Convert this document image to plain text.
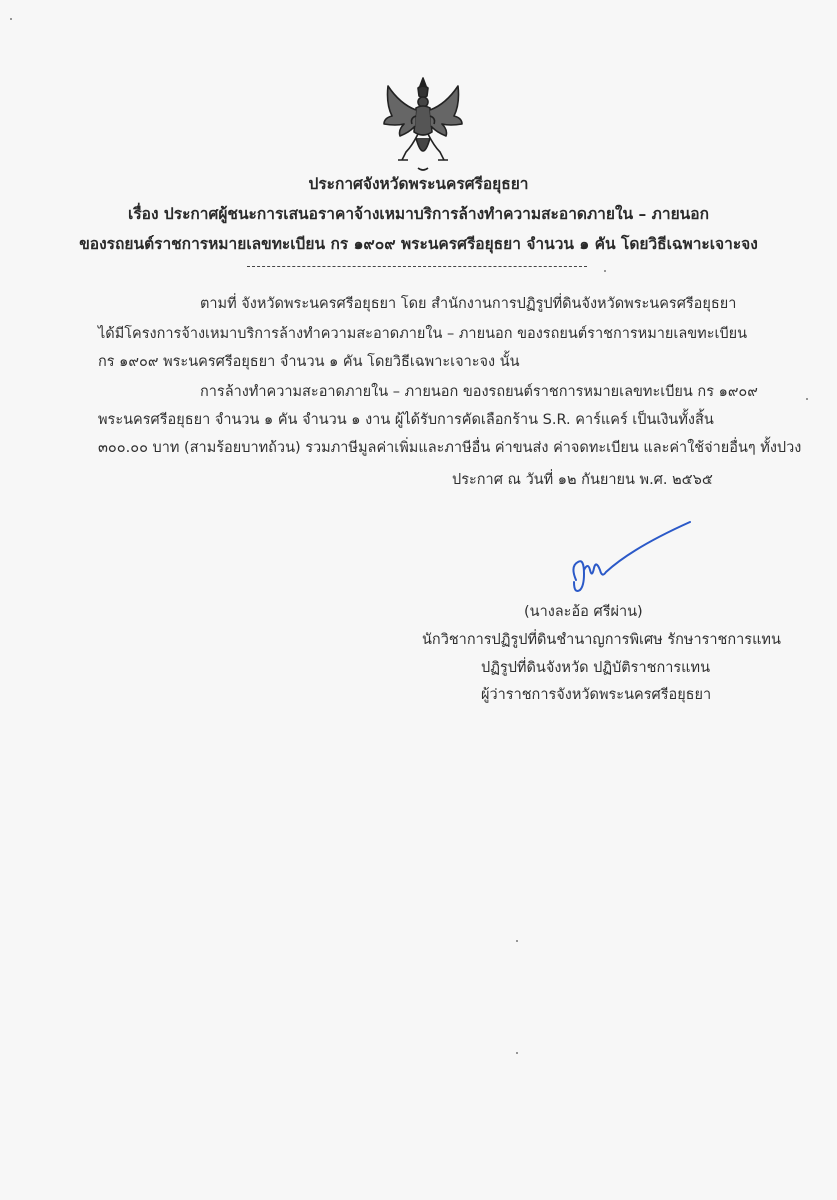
ประกาศจังหวัดพระนครศรีอยุธยา
เรื่อง ประกาศผู้ชนะการเสนอราคาจ้างเหมาบริการล้างทำความสะอาดภายใน – ภายนอก
ของรถยนต์ราชการหมายเลขทะเบียน กร ๑๙๐๙ พระนครศรีอยุธยา จำนวน ๑ คัน โดยวิธีเฉพาะเจาะจง
ตามที่ จังหวัดพระนครศรีอยุธยา โดย สำนักงานการปฏิรูปที่ดินจังหวัดพระนครศรีอยุธยา
ได้มีโครงการจ้างเหมาบริการล้างทำความสะอาดภายใน – ภายนอก ของรถยนต์ราชการหมายเลขทะเบียน
กร ๑๙๐๙ พระนครศรีอยุธยา จำนวน ๑ คัน โดยวิธีเฉพาะเจาะจง นั้น
การล้างทำความสะอาดภายใน – ภายนอก ของรถยนต์ราชการหมายเลขทะเบียน กร ๑๙๐๙
พระนครศรีอยุธยา จำนวน ๑ คัน จำนวน ๑ งาน ผู้ได้รับการคัดเลือกร้าน S.R. คาร์แคร์ เป็นเงินทั้งสิ้น
๓๐๐.๐๐ บาท (สามร้อยบาทถ้วน) รวมภาษีมูลค่าเพิ่มและภาษีอื่น ค่าขนส่ง ค่าจดทะเบียน และค่าใช้จ่ายอื่นๆ ทั้งปวง
ประกาศ ณ วันที่ ๑๒ กันยายน พ.ศ. ๒๕๖๕
(นางละอ้อ ศรีผ่าน)
นักวิชาการปฏิรูปที่ดินชำนาญการพิเศษ รักษาราชการแทน
ปฏิรูปที่ดินจังหวัด ปฏิบัติราชการแทน
ผู้ว่าราชการจังหวัดพระนครศรีอยุธยา
